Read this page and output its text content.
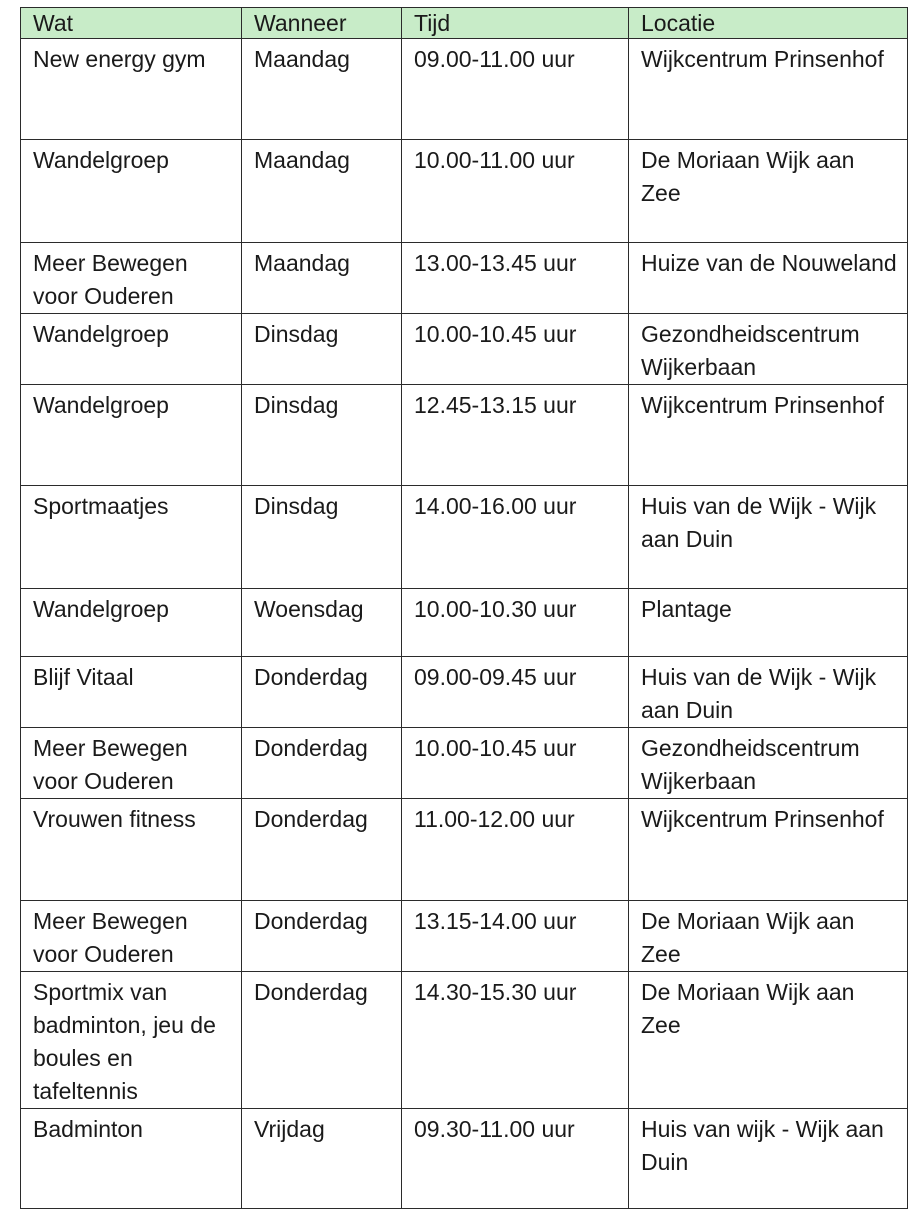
Wat	Wanneer	Tijd	Locatie
New energy gym	Maandag	09.00-11.00 uur	Wijkcentrum Prinsenhof
Wandelgroep	Maandag	10.00-11.00 uur	De Moriaan Wijk aan Zee
Meer Bewegen voor Ouderen	Maandag	13.00-13.45 uur	Huize van de Nouweland
Wandelgroep	Dinsdag	10.00-10.45 uur	Gezondheidscentrum Wijkerbaan
Wandelgroep	Dinsdag	12.45-13.15 uur	Wijkcentrum Prinsenhof
Sportmaatjes	Dinsdag	14.00-16.00 uur	Huis van de Wijk - Wijk aan Duin
Wandelgroep	Woensdag	10.00-10.30 uur	Plantage
Blijf Vitaal	Donderdag	09.00-09.45 uur	Huis van de Wijk - Wijk aan Duin
Meer Bewegen voor Ouderen	Donderdag	10.00-10.45 uur	Gezondheidscentrum Wijkerbaan
Vrouwen fitness	Donderdag	11.00-12.00 uur	Wijkcentrum Prinsenhof
Meer Bewegen voor Ouderen	Donderdag	13.15-14.00 uur	De Moriaan Wijk aan Zee
Sportmix van badminton, jeu de boules en tafeltennis	Donderdag	14.30-15.30 uur	De Moriaan Wijk aan Zee
Badminton	Vrijdag	09.30-11.00 uur	Huis van wijk - Wijk aan Duin
